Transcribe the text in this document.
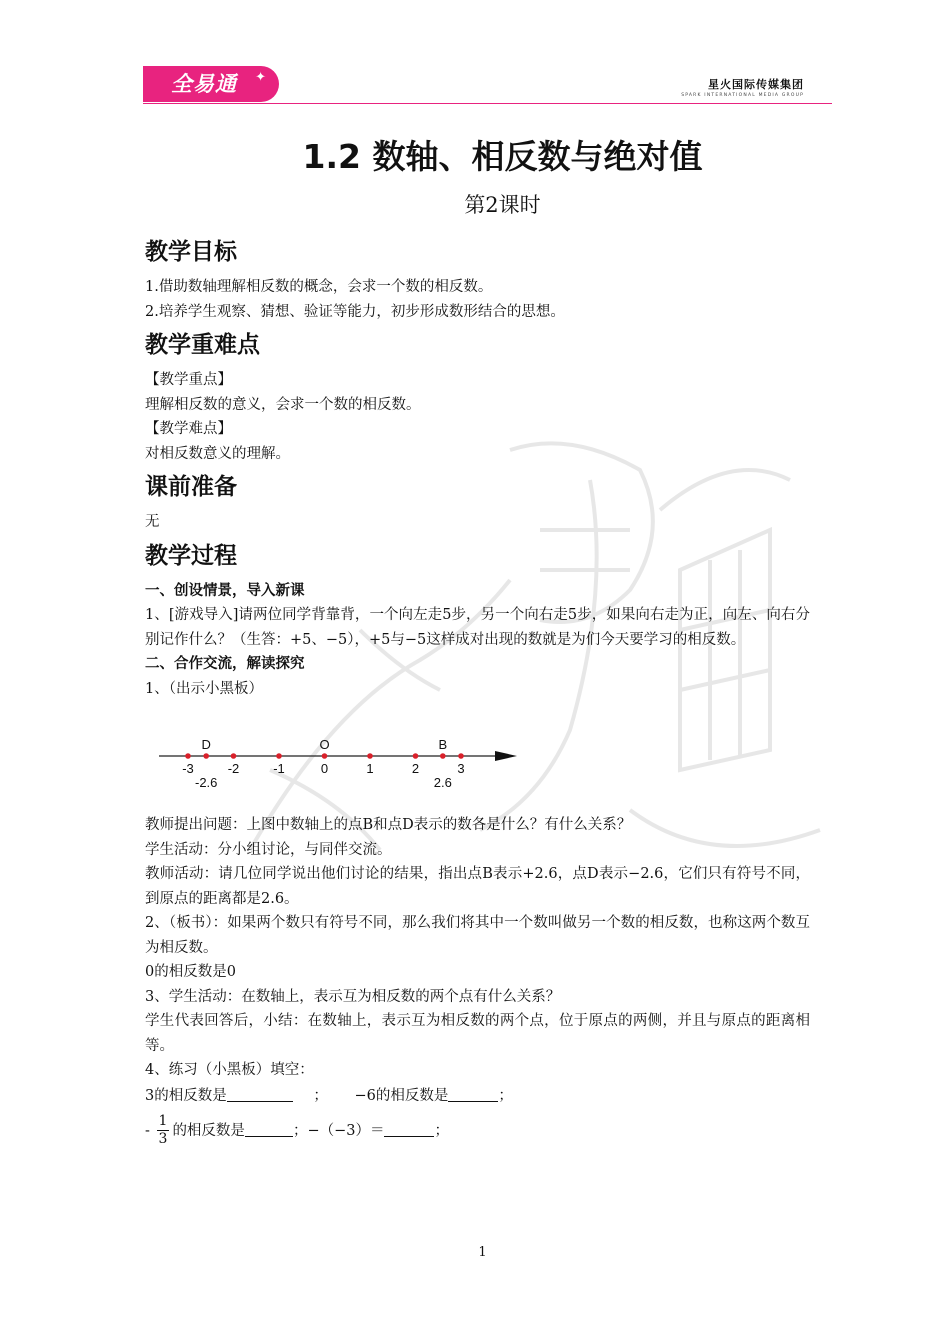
全易通 ✦	星火国际传媒集团
SPARK INTERNATIONAL MEDIA GROUP
1.2 数轴、相反数与绝对值
第2课时
教学目标

1.借助数轴理解相反数的概念，会求一个数的相反数。

2.培养学生观察、猜想、验证等能力，初步形成数形结合的思想。

教学重难点

【教学重点】

理解相反数的意义，会求一个数的相反数。

【教学难点】

对相反数意义的理解。

课前准备

无

教学过程
一、创设情景，导入新课

1、[游戏导入]请两位同学背靠背，一个向左走5步，另一个向右走5步，如果向右走为正，向左、向右分别记作什么？（生答：+5、−5），+5与−5这样成对出现的数就是为们今天要学习的相反数。

二、合作交流，解读探究

1、（出示小黑板）

-3	-2	-1	0	1	2	3
D	O	B
-2.6	2.6

教师提出问题：上图中数轴上的点B和点D表示的数各是什么？有什么关系？

学生活动：分小组讨论，与同伴交流。

教师活动：请几位同学说出他们讨论的结果，指出点B表示+2.6，点D表示−2.6，它们只有符号不同，到原点的距离都是2.6。

2、（板书）：如果两个数只有符号不同，那么我们将其中一个数叫做另一个数的相反数，也称这两个数互为相反数。

0的相反数是0

3、学生活动：在数轴上，表示互为相反数的两个点有什么关系？

学生代表回答后，小结：在数轴上，表示互为相反数的两个点，位于原点的两侧，并且与原点的距离相等。

4、练习（小黑板）填空：

3的相反数是	； −6的相反数是	；
- $\frac{1}{3}$ 的相反数是	；−（−3）＝	；
1
